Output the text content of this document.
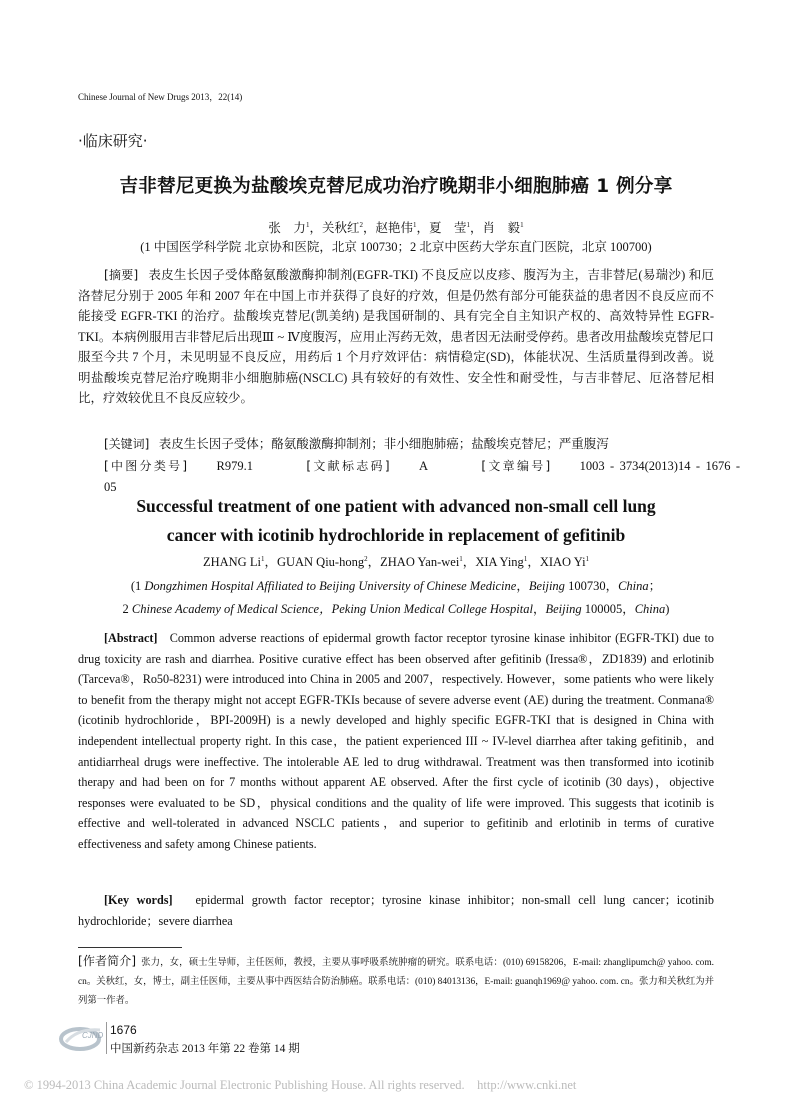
Chinese Journal of New Drugs 2013，22(14)
·临床研究·
吉非替尼更换为盐酸埃克替尼成功治疗晚期非小细胞肺癌 1 例分享
张　力$^1$，关秋红$^2$，赵艳伟$^1$，夏　莹$^1$，肖　毅$^1$
(1 中国医学科学院 北京协和医院，北京 100730；2 北京中医药大学东直门医院，北京 100700)
[摘要] 表皮生长因子受体酪氨酸激酶抑制剂(EGFR-TKI) 不良反应以皮疹、腹泻为主，吉非替尼(易瑞沙) 和厄洛替尼分别于 2005 年和 2007 年在中国上市并获得了良好的疗效，但是仍然有部分可能获益的患者因不良反应而不能接受 EGFR-TKI 的治疗。盐酸埃克替尼(凯美纳) 是我国研制的、具有完全自主知识产权的、高效特异性 EGFR-TKI。本病例服用吉非替尼后出现Ⅲ ~ Ⅳ度腹泻，应用止泻药无效，患者因无法耐受停药。患者改用盐酸埃克替尼口服至今共 7 个月，未见明显不良反应，用药后 1 个月疗效评估：病情稳定(SD)，体能状况、生活质量得到改善。说明盐酸埃克替尼治疗晚期非小细胞肺癌(NSCLC) 具有较好的有效性、安全性和耐受性，与吉非替尼、厄洛替尼相比，疗效较优且不良反应较少。
[关键词] 表皮生长因子受体；酪氨酸激酶抑制剂；非小细胞肺癌；盐酸埃克替尼；严重腹泻
[中图分类号] R979.1	[文献标志码] A	[文章编号] 1003 - 3734(2013)14 - 1676 - 05
Successful treatment of one patient with advanced non-small cell lung
cancer with icotinib hydrochloride in replacement of gefitinib
ZHANG Li$^1$，GUAN Qiu-hong$^2$，ZHAO Yan-wei$^1$，XIA Ying$^1$，XIAO Yi$^1$
(1 Dongzhimen Hospital Affiliated to Beijing University of Chinese Medicine，Beijing 100730，China；
2 Chinese Academy of Medical Science，Peking Union Medical College Hospital，Beijing 100005，China)
[Abstract] Common adverse reactions of epidermal growth factor receptor tyrosine kinase inhibitor (EGFR-TKI) due to drug toxicity are rash and diarrhea. Positive curative effect has been observed after gefitinib (Iressa®，ZD1839) and erlotinib (Tarceva®，Ro50-8231) were introduced into China in 2005 and 2007，respectively. However，some patients who were likely to benefit from the therapy might not accept EGFR-TKIs because of severe adverse event (AE) during the treatment. Conmana® (icotinib hydrochloride，BPI-2009H) is a newly developed and highly specific EGFR-TKI that is designed in China with independent intellectual property right. In this case，the patient experienced III ~ IV-level diarrhea after taking gefitinib，and antidiarrheal drugs were ineffective. The intolerable AE led to drug withdrawal. Treatment was then transformed into icotinib therapy and had been on for 7 months without apparent AE observed. After the first cycle of icotinib (30 days)，objective responses were evaluated to be SD，physical conditions and the quality of life were improved. This suggests that icotinib is effective and well-tolerated in advanced NSCLC patients，and superior to gefitinib and erlotinib in terms of curative effectiveness and safety among Chinese patients.
[Key words] epidermal growth factor receptor；tyrosine kinase inhibitor；non-small cell lung cancer；icotinib hydrochloride；severe diarrhea
[作者简介] 张力，女，硕士生导师，主任医师，教授，主要从事呼吸系统肿瘤的研究。联系电话：(010) 69158206，E-mail: zhanglipumch@ yahoo. com. cn。关秋红，女，博士，副主任医师，主要从事中西医结合防治肺癌。联系电话：(010) 84013136，E-mail: guanqh1969@ yahoo. com. cn。张力和关秋红为并列第一作者。
CJND 1676
中国新药杂志 2013 年第 22 卷第 14 期
© 1994-2013 China Academic Journal Electronic Publishing House. All rights reserved.    http://www.cnki.net
